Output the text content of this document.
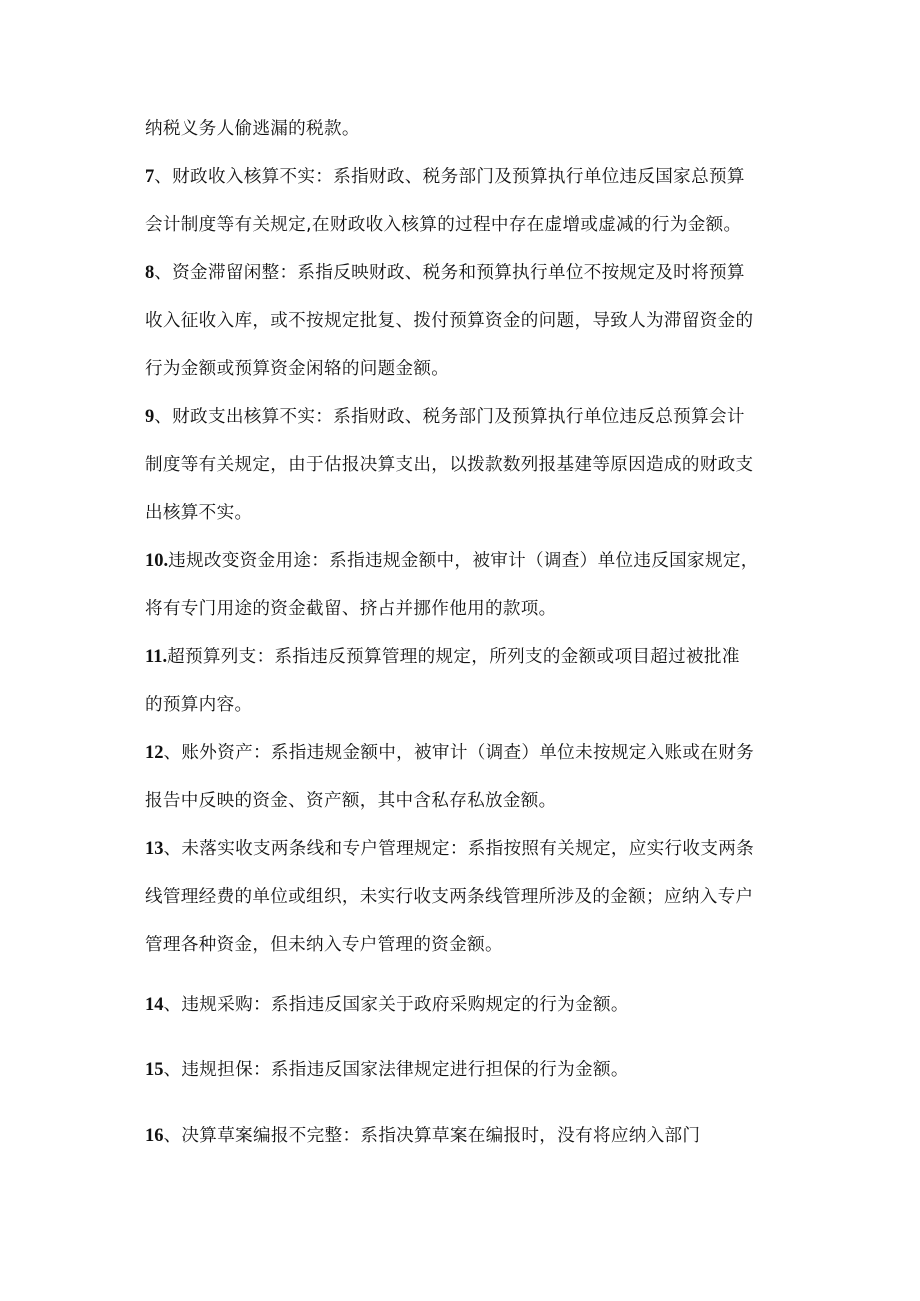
纳税义务人偷逃漏的税款。
7、财政收入核算不实：系指财政、税务部门及预算执行单位违反国家总预算
会计制度等有关规定,在财政收入核算的过程中存在虚增或虚减的行为金额。
8、资金滞留闲整：系指反映财政、税务和预算执行单位不按规定及时将预算
收入征收入库，或不按规定批复、拨付预算资金的问题，导致人为滞留资金的
行为金额或预算资金闲辂的问题金额。
9、财政支出核算不实：系指财政、税务部门及预算执行单位违反总预算会计
制度等有关规定，由于估报决算支出，以拨款数列报基建等原因造成的财政支
出核算不实。
10.违规改变资金用途：系指违规金额中，被审计（调查）单位违反国家规定，
将有专门用途的资金截留、挤占并挪作他用的款项。
11.超预算列支：系指违反预算管理的规定，所列支的金额或项目超过被批准
的预算内容。
12、账外资产：系指违规金额中，被审计（调查）单位未按规定入账或在财务
报告中反映的资金、资产额，其中含私存私放金额。
13、未落实收支两条线和专户管理规定：系指按照有关规定，应实行收支两条
线管理经费的单位或组织，未实行收支两条线管理所涉及的金额；应纳入专户
管理各种资金，但未纳入专户管理的资金额。
14、违规采购：系指违反国家关于政府采购规定的行为金额。
15、违规担保：系指违反国家法律规定进行担保的行为金额。
16、决算草案编报不完整：系指决算草案在编报时，没有将应纳入部门
